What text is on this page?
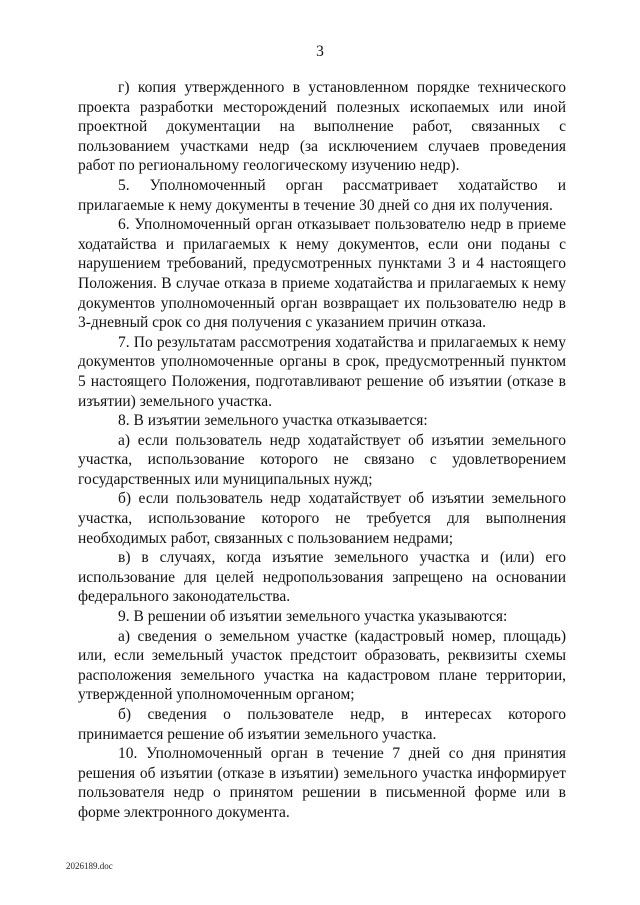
3

г) копия утвержденного в установленном порядке технического проекта разработки месторождений полезных ископаемых или иной проектной документации на выполнение работ, связанных с пользованием участками недр (за исключением случаев проведения работ по региональному геологическому изучению недр).

5. Уполномоченный орган рассматривает ходатайство и прилагаемые к нему документы в течение 30 дней со дня их получения.

6. Уполномоченный орган отказывает пользователю недр в приеме ходатайства и прилагаемых к нему документов, если они поданы с нарушением требований, предусмотренных пунктами 3 и 4 настоящего Положения. В случае отказа в приеме ходатайства и прилагаемых к нему документов уполномоченный орган возвращает их пользователю недр в 3-дневный срок со дня получения с указанием причин отказа.

7. По результатам рассмотрения ходатайства и прилагаемых к нему документов уполномоченные органы в срок, предусмотренный пунктом 5 настоящего Положения, подготавливают решение об изъятии (отказе в изъятии) земельного участка.

8. В изъятии земельного участка отказывается:

а) если пользователь недр ходатайствует об изъятии земельного участка, использование которого не связано с удовлетворением государственных или муниципальных нужд;

б) если пользователь недр ходатайствует об изъятии земельного участка, использование которого не требуется для выполнения необходимых работ, связанных с пользованием недрами;

в) в случаях, когда изъятие земельного участка и (или) его использование для целей недропользования запрещено на основании федерального законодательства.

9. В решении об изъятии земельного участка указываются:

а) сведения о земельном участке (кадастровый номер, площадь) или, если земельный участок предстоит образовать, реквизиты схемы расположения земельного участка на кадастровом плане территории, утвержденной уполномоченным органом;

б) сведения о пользователе недр, в интересах которого принимается решение об изъятии земельного участка.

10. Уполномоченный орган в течение 7 дней со дня принятия решения об изъятии (отказе в изъятии) земельного участка информирует пользователя недр о принятом решении в письменной форме или в форме электронного документа.

2026189.doc
